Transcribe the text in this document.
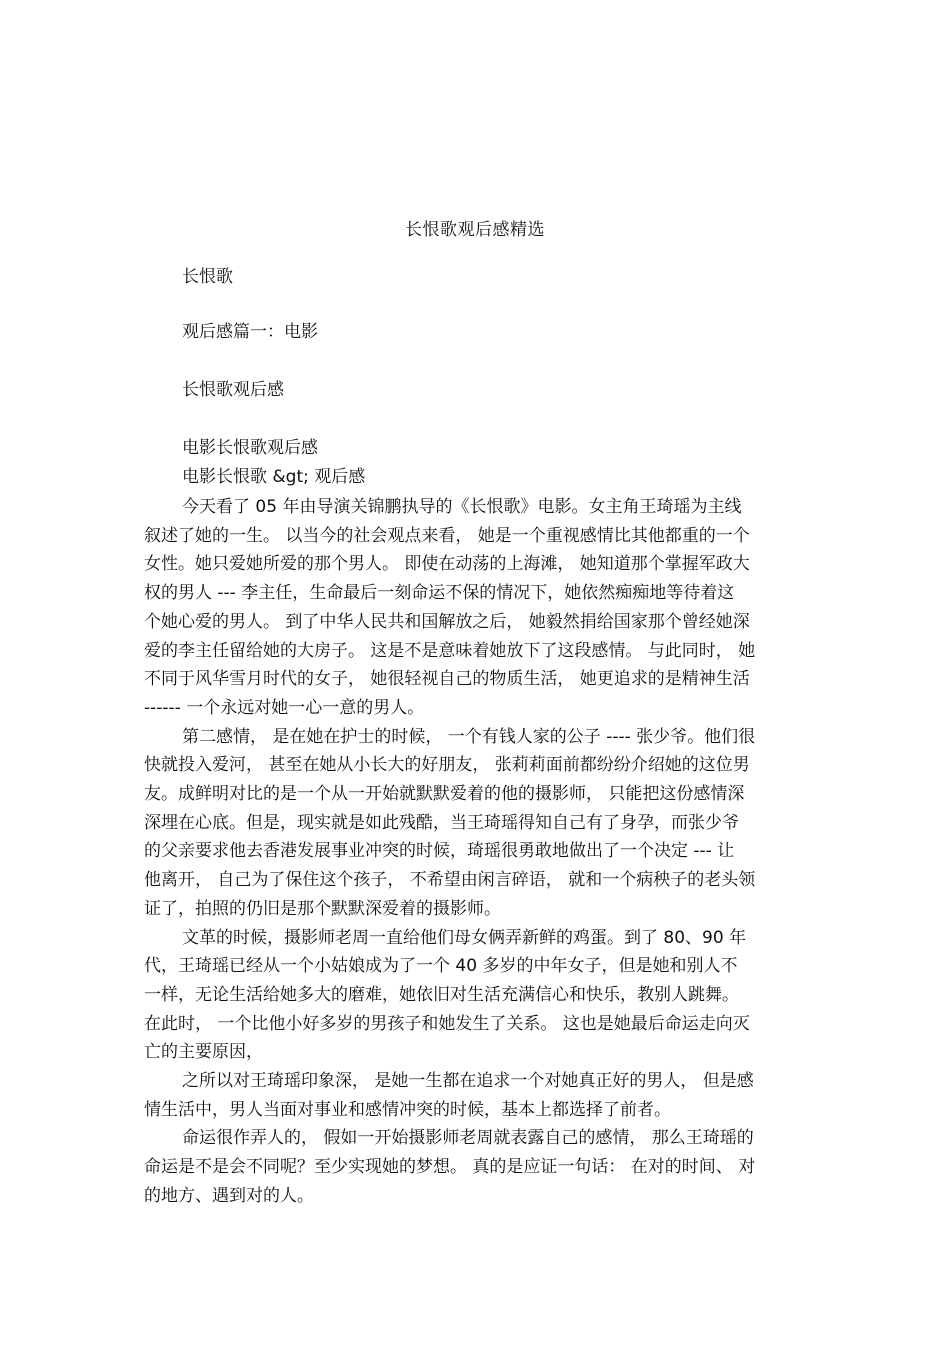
长恨歌观后感精选
长恨歌
观后感篇一：电影
长恨歌观后感
电影长恨歌观后感
电影长恨歌 &gt; 观后感
今天看了 05 年由导演关锦鹏执导的《长恨歌》电影。女主角王琦瑶为主线
叙述了她的一生。 以当今的社会观点来看， 她是一个重视感情比其他都重的一个
女性。她只爱她所爱的那个男人。 即使在动荡的上海滩， 她知道那个掌握军政大
权的男人 --- 李主任，生命最后一刻命运不保的情况下，她依然痴痴地等待着这
个她心爱的男人。 到了中华人民共和国解放之后， 她毅然捐给国家那个曾经她深
爱的李主任留给她的大房子。 这是不是意味着她放下了这段感情。 与此同时， 她
不同于风华雪月时代的女子， 她很轻视自己的物质生活， 她更追求的是精神生活
------ 一个永远对她一心一意的男人。
第二感情， 是在她在护士的时候， 一个有钱人家的公子 ---- 张少爷。他们很
快就投入爱河， 甚至在她从小长大的好朋友， 张莉莉面前都纷纷介绍她的这位男
友。成鲜明对比的是一个从一开始就默默爱着的他的摄影师， 只能把这份感情深
深埋在心底。但是，现实就是如此残酷，当王琦瑶得知自己有了身孕，而张少爷
的父亲要求他去香港发展事业冲突的时候，琦瑶很勇敢地做出了一个决定 --- 让
他离开， 自己为了保住这个孩子， 不希望由闲言碎语， 就和一个病秧子的老头领
证了，拍照的仍旧是那个默默深爱着的摄影师。
文革的时候，摄影师老周一直给他们母女俩弄新鲜的鸡蛋。到了 80、90 年
代，王琦瑶已经从一个小姑娘成为了一个 40 多岁的中年女子，但是她和别人不
一样，无论生活给她多大的磨难，她依旧对生活充满信心和快乐，教别人跳舞。
在此时， 一个比他小好多岁的男孩子和她发生了关系。 这也是她最后命运走向灭
亡的主要原因，
之所以对王琦瑶印象深， 是她一生都在追求一个对她真正好的男人， 但是感
情生活中，男人当面对事业和感情冲突的时候，基本上都选择了前者。
命运很作弄人的， 假如一开始摄影师老周就表露自己的感情， 那么王琦瑶的
命运是不是会不同呢？至少实现她的梦想。 真的是应证一句话： 在对的时间、 对
的地方、遇到对的人。
